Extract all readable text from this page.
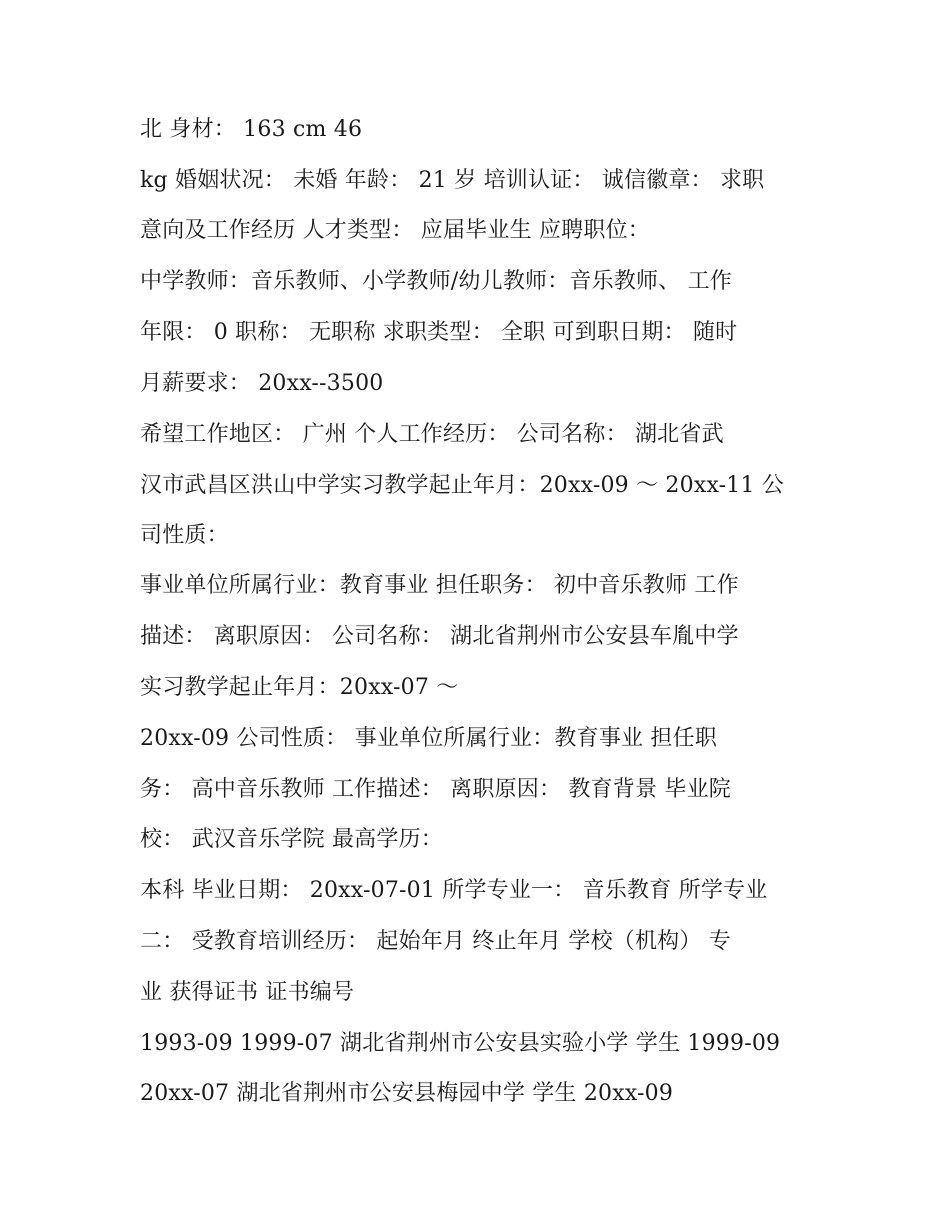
北 身材： 163 cm 46
kg 婚姻状况： 未婚 年龄： 21 岁 培训认证： 诚信徽章： 求职
意向及工作经历 人才类型： 应届毕业生 应聘职位：
中学教师：音乐教师、小学教师/幼儿教师：音乐教师、 工作
年限： 0 职称： 无职称 求职类型： 全职 可到职日期： 随时
月薪要求： 20xx--3500
希望工作地区： 广州 个人工作经历： 公司名称： 湖北省武
汉市武昌区洪山中学实习教学起止年月：20xx-09 ～ 20xx-11 公
司性质：
事业单位所属行业：教育事业 担任职务： 初中音乐教师 工作
描述： 离职原因： 公司名称： 湖北省荆州市公安县车胤中学
实习教学起止年月：20xx-07 ～
20xx-09 公司性质： 事业单位所属行业：教育事业 担任职
务： 高中音乐教师 工作描述： 离职原因： 教育背景 毕业院
校： 武汉音乐学院 最高学历：
本科 毕业日期： 20xx-07-01 所学专业一： 音乐教育 所学专业
二： 受教育培训经历： 起始年月 终止年月 学校（机构） 专
业 获得证书 证书编号
1993-09 1999-07 湖北省荆州市公安县实验小学 学生 1999-09
20xx-07 湖北省荆州市公安县梅园中学 学生 20xx-09
